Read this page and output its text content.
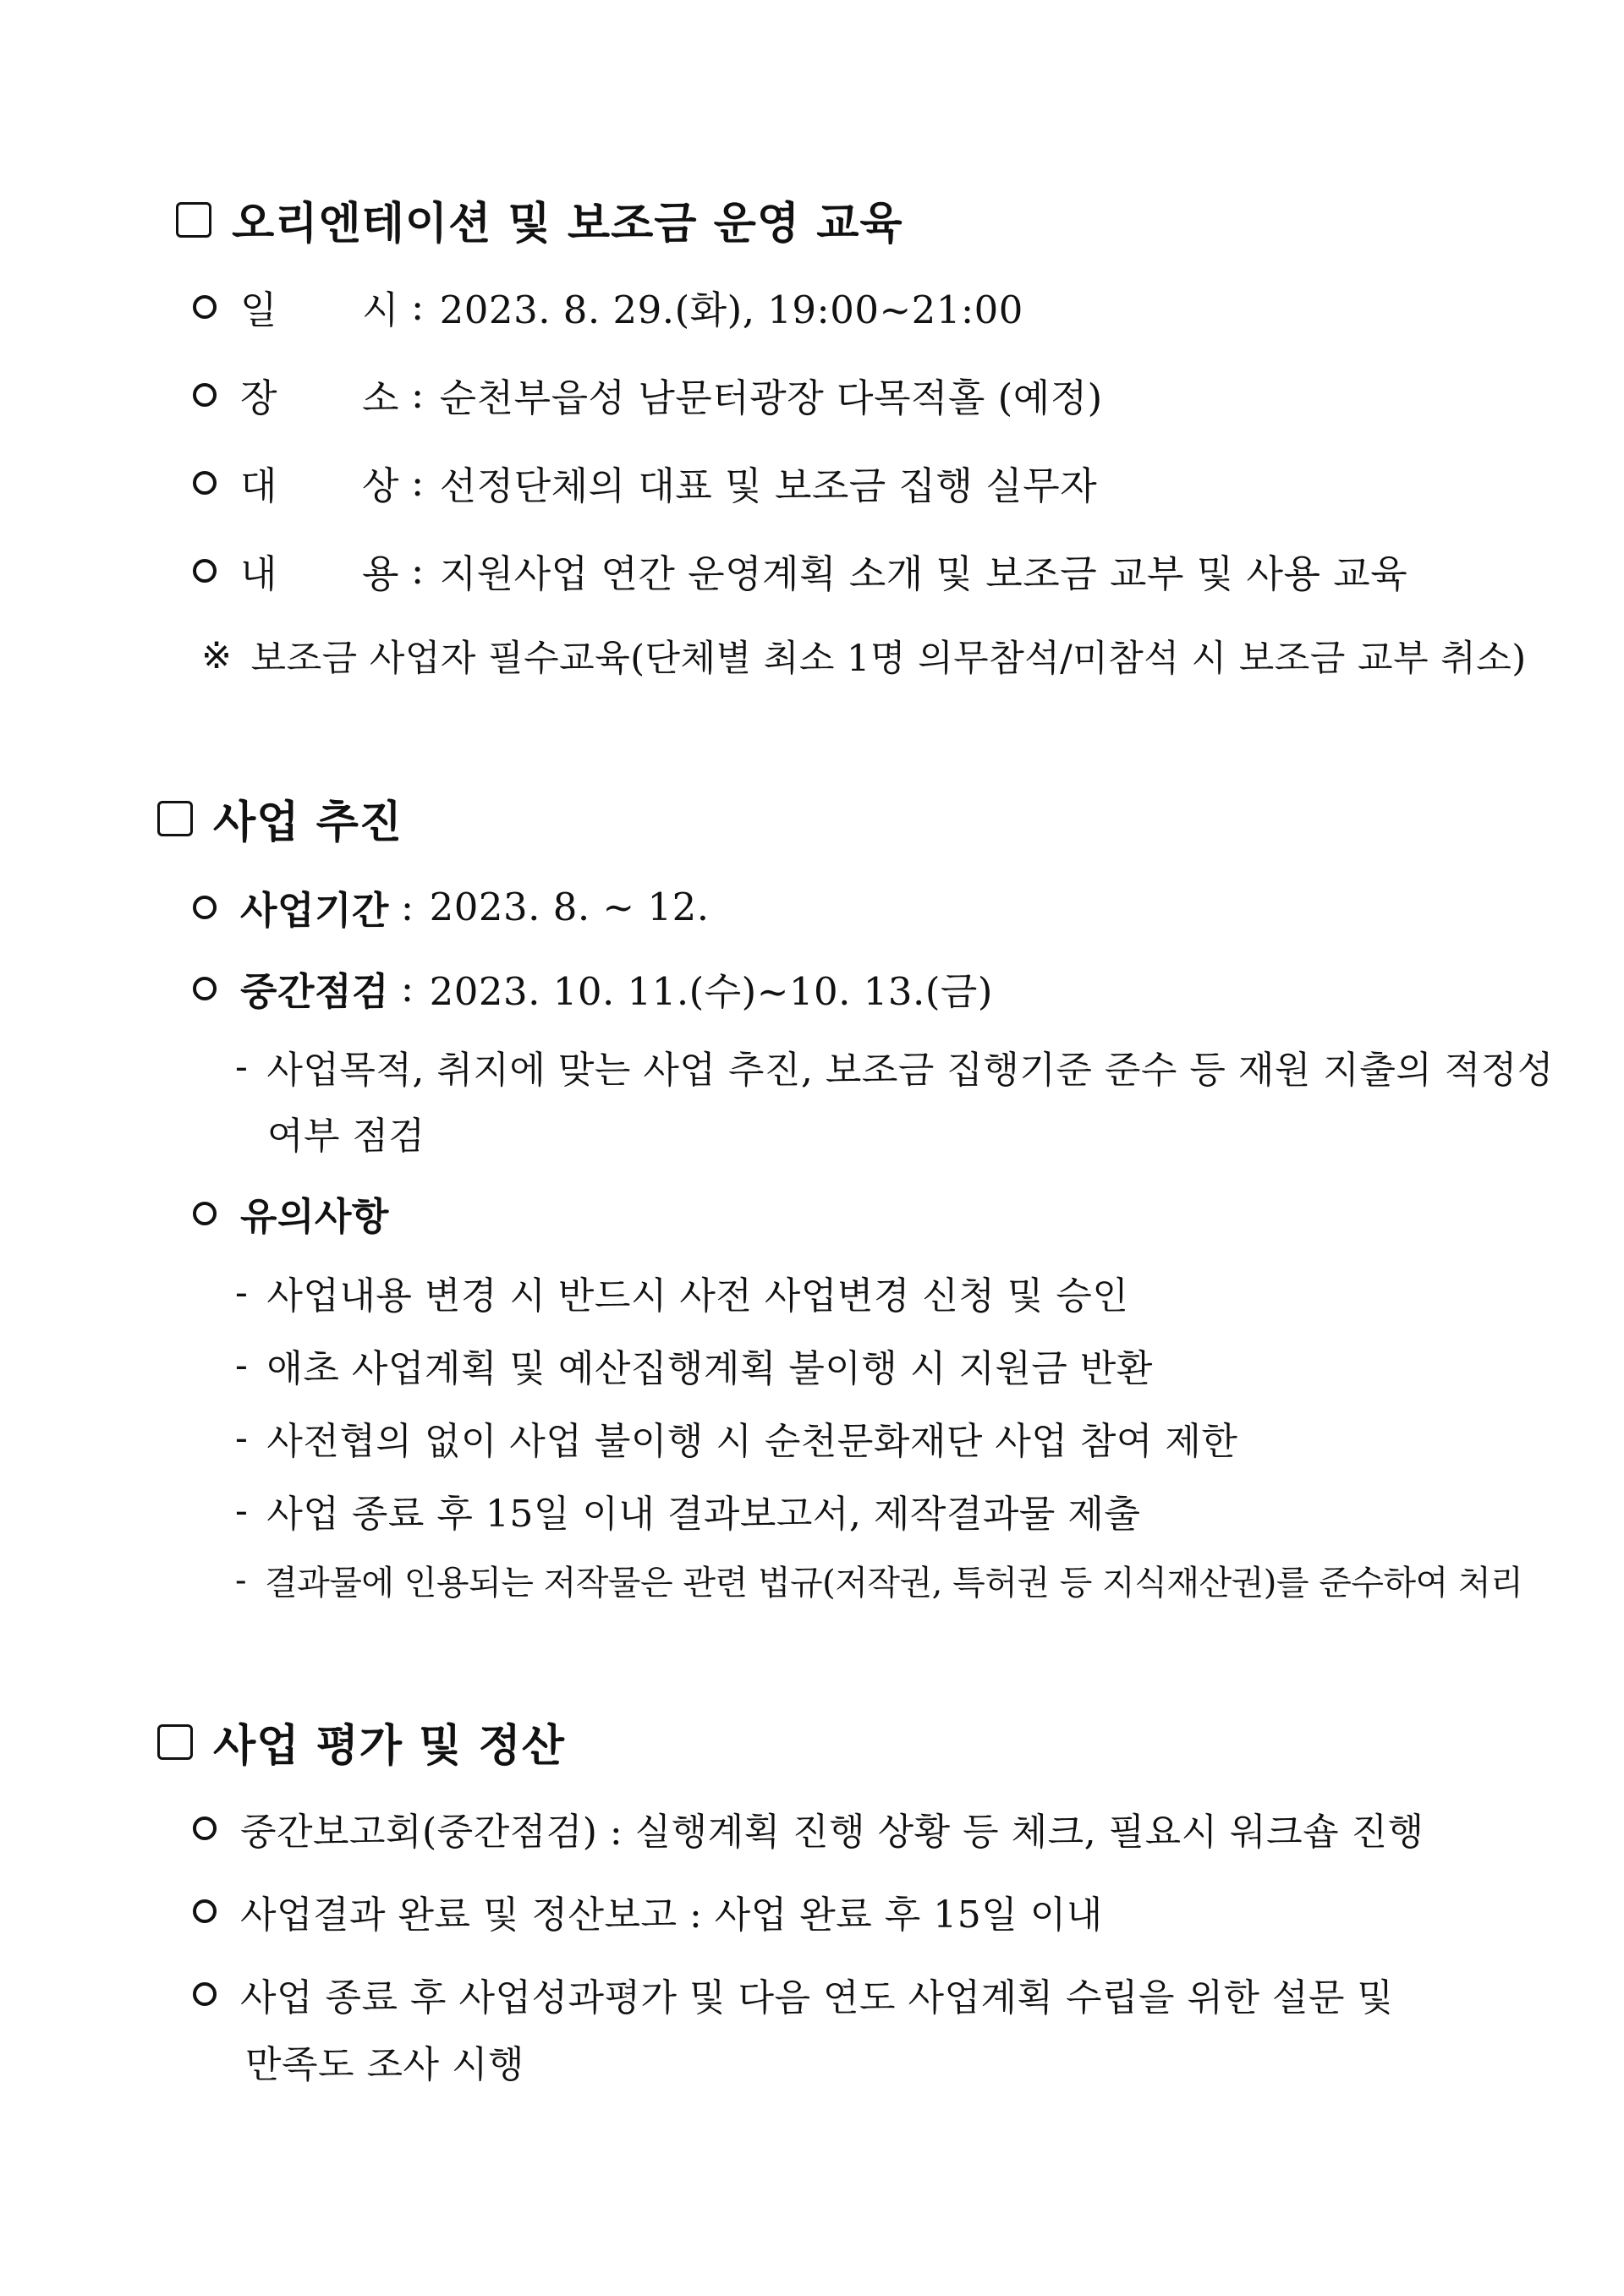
오리엔테이션 및 보조금 운영 교육
일 시 : 2023. 8. 29.(화), 19:00~21:00
장 소 : 순천부읍성 남문터광장 다목적홀 (예정)
대 상 : 선정단체의 대표 및 보조금 집행 실무자
내 용 : 지원사업 연간 운영계획 소개 및 보조금 교부 및 사용 교육
※ 보조금 사업자 필수교육(단체별 최소 1명 의무참석/미참석 시 보조금 교부 취소)
사업 추진
사업기간 : 2023. 8. ~ 12.
중간점검 : 2023. 10. 11.(수)~10. 13.(금)
- 사업목적, 취지에 맞는 사업 추진, 보조금 집행기준 준수 등 재원 지출의 적정성
여부 점검
유의사항
- 사업내용 변경 시 반드시 사전 사업변경 신청 및 승인
- 애초 사업계획 및 예산집행계획 불이행 시 지원금 반환
- 사전협의 없이 사업 불이행 시 순천문화재단 사업 참여 제한
- 사업 종료 후 15일 이내 결과보고서, 제작결과물 제출
- 결과물에 인용되는 저작물은 관련 법규(저작권, 특허권 등 지식재산권)를 준수하여 처리
사업 평가 및 정산
중간보고회(중간점검) : 실행계획 진행 상황 등 체크, 필요시 워크숍 진행
사업결과 완료 및 정산보고 : 사업 완료 후 15일 이내
사업 종료 후 사업성과평가 및 다음 연도 사업계획 수립을 위한 설문 및
만족도 조사 시행
